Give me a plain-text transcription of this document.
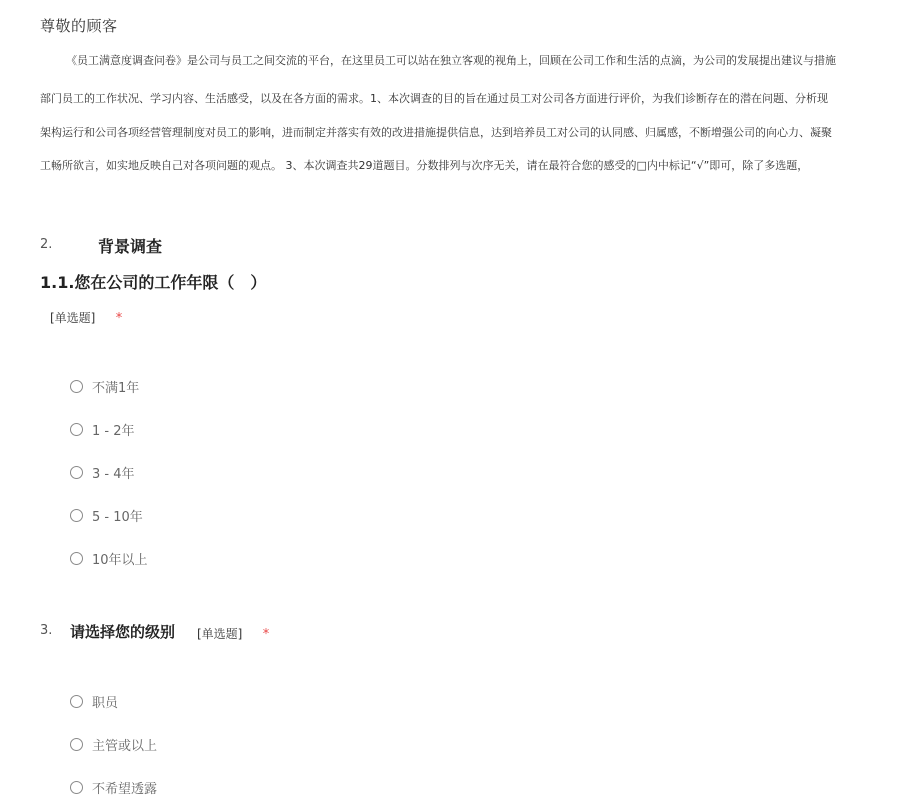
尊敬的顾客
《员工满意度调查问卷》是公司与员工之间交流的平台，在这里员工可以站在独立客观的视角上，回顾在公司工作和生活的点滴，为公司的发展提出建议与措施
部门员工的工作状况、学习内容、生活感受，以及在各方面的需求。1、本次调查的目的旨在通过员工对公司各方面进行评价，为我们诊断存在的潜在问题、分析现
架构运行和公司各项经营管理制度对员工的影响，进而制定并落实有效的改进措施提供信息，达到培养员工对公司的认同感、归属感，不断增强公司的向心力、凝聚
工畅所欲言，如实地反映自己对各项问题的观点。 3、本次调查共29道题目。分数排列与次序无关，请在最符合您的感受的□内中标记“√”即可，除了多选题，
2.	背景调查
1.1.您在公司的工作年限（　）
[单选题] *
不满1年
1 - 2年
3 - 4年
5 - 10年
10年以上
3. 请选择您的级别 [单选题] *
职员
主管或以上
不希望透露
